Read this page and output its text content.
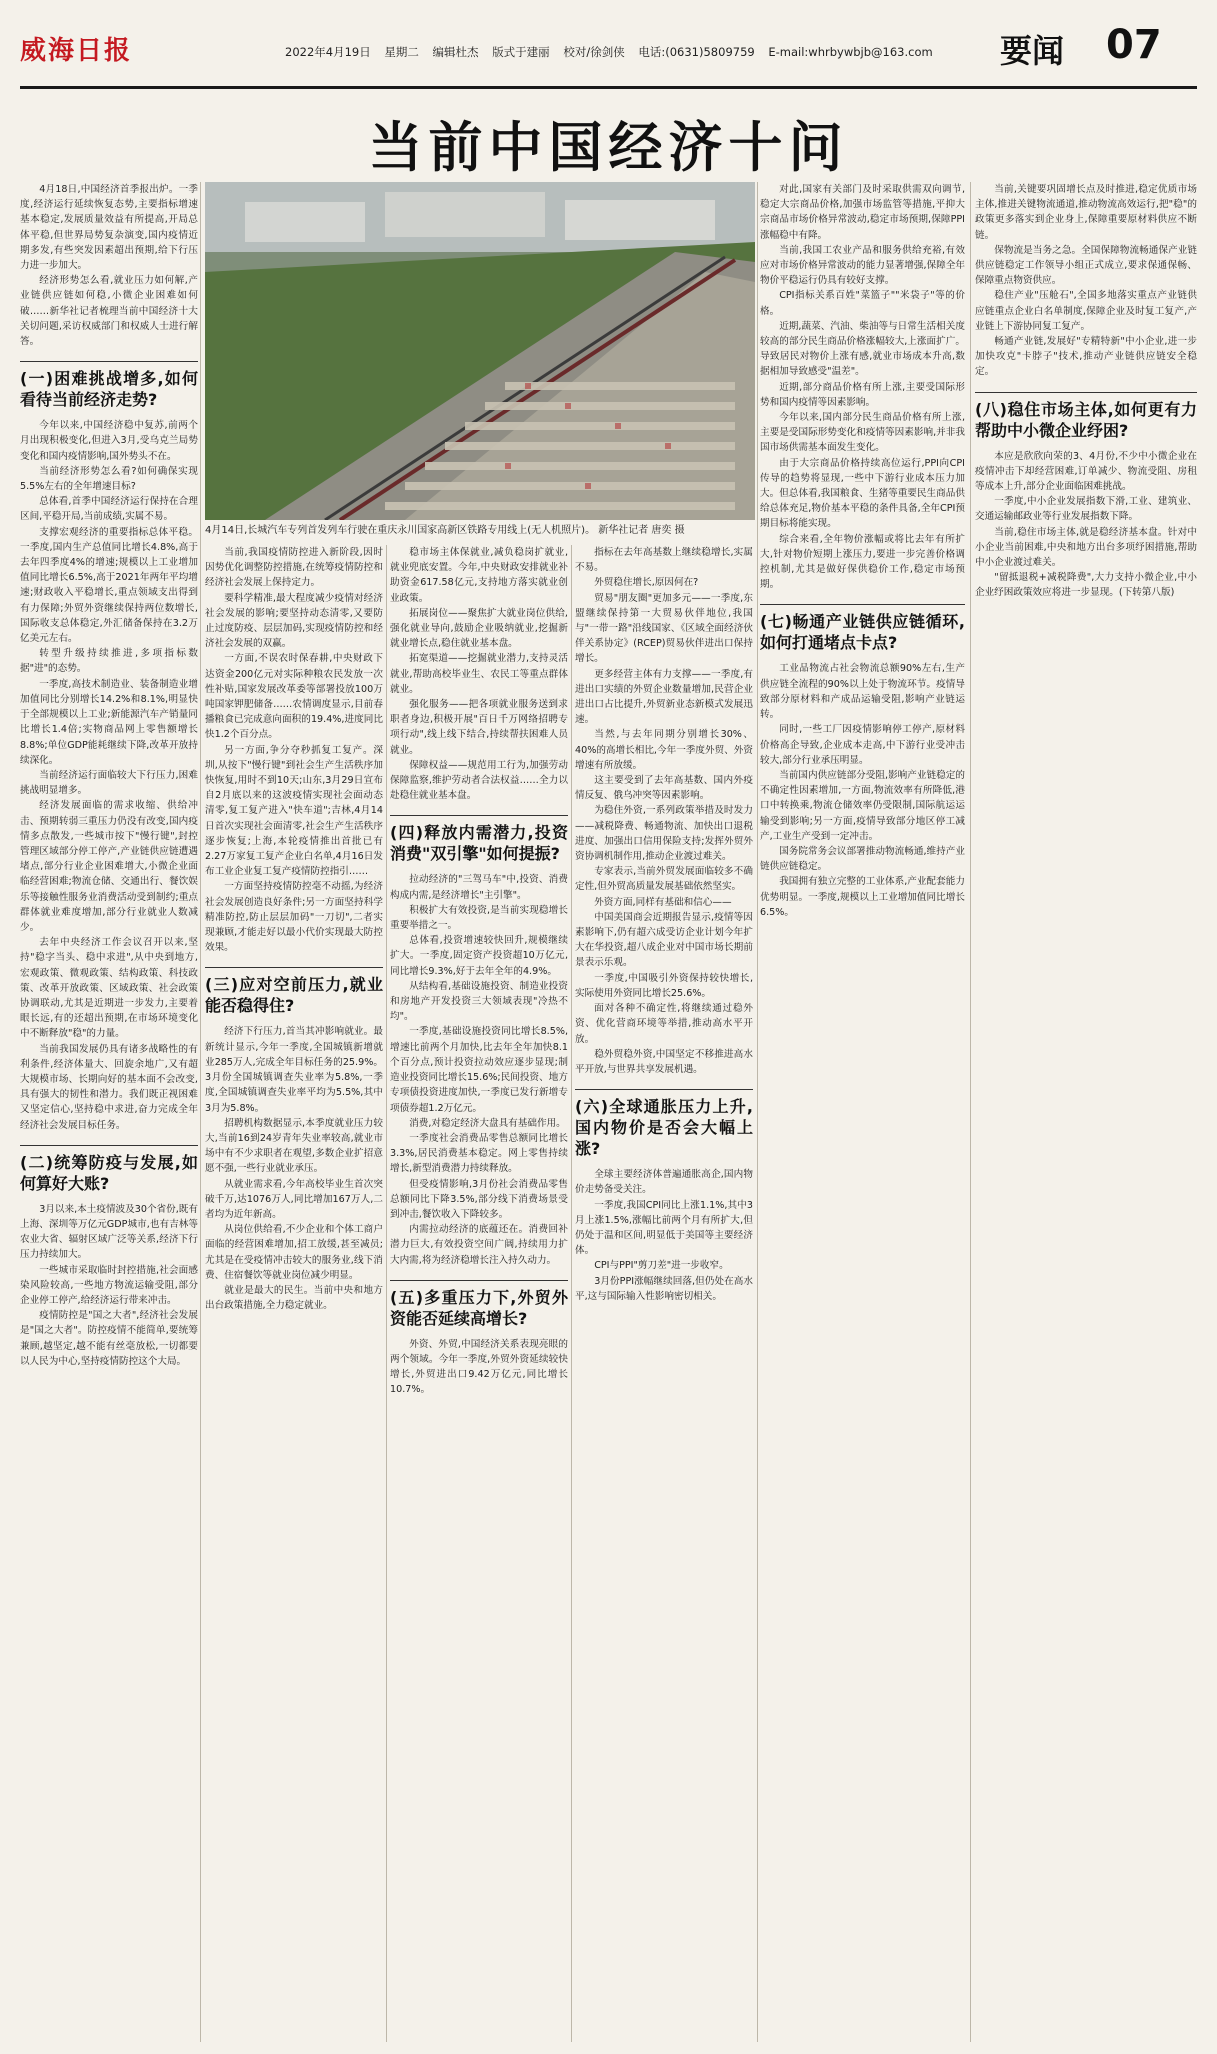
威海日报	2022年4月19日 星期二 编辑杜杰 版式于建丽 校对/徐剑侠 电话:(0631)5809759 E-mail:whrbywbjb@163.com	要闻 07
当前中国经济十问

4月18日,中国经济首季报出炉。一季度,经济运行延续恢复态势,主要指标增速基本稳定,发展质量效益有所提高,开局总体平稳,但世界局势复杂演变,国内疫情近期多发,有些突发因素超出预期,给下行压力进一步加大。

经济形势怎么看,就业压力如何解,产业链供应链如何稳,小微企业困难如何破……新华社记者梳理当前中国经济十大关切问题,采访权威部门和权威人士进行解答。

(一)困难挑战增多,如何看待当前经济走势?

今年以来,中国经济稳中复苏,前两个月出现积极变化,但进入3月,受乌克兰局势变化和国内疫情影响,国外势头不在。

当前经济形势怎么看?如何确保实现5.5%左右的全年增速目标?

总体看,首季中国经济运行保持在合理区间,平稳开局,当前成绩,实属不易。

支撑宏观经济的重要指标总体平稳。一季度,国内生产总值同比增长4.8%,高于去年四季度4%的增速;规模以上工业增加值同比增长6.5%,高于2021年两年平均增速;财政收入平稳增长,重点领域支出得到有力保障;外贸外资继续保持两位数增长,国际收支总体稳定,外汇储备保持在3.2万亿美元左右。

转型升级持续推进,多项指标数据"进"的态势。

一季度,高技术制造业、装备制造业增加值同比分别增长14.2%和8.1%,明显快于全部规模以上工业;新能源汽车产销量同比增长1.4倍;实物商品网上零售额增长8.8%;单位GDP能耗继续下降,改革开放持续深化。

当前经济运行面临较大下行压力,困难挑战明显增多。

经济发展面临的需求收缩、供给冲击、预期转弱三重压力仍没有改变,国内疫情多点散发,一些城市按下"慢行键",封控管理区域部分停工停产,产业链供应链遭遇堵点,部分行业企业困难增大,小微企业面临经营困难;物流仓储、交通出行、餐饮娱乐等接触性服务业消费活动受到制约;重点群体就业难度增加,部分行业就业人数减少。

去年中央经济工作会议召开以来,坚持"稳字当头、稳中求进",从中央到地方,宏观政策、微观政策、结构政策、科技政策、改革开放政策、区域政策、社会政策协调联动,尤其是近期进一步发力,主要着眼长远,有的还超出预期,在市场环境变化中不断释放"稳"的力量。

当前我国发展仍具有诸多战略性的有利条件,经济体量大、回旋余地广,又有超大规模市场、长期向好的基本面不会改变,具有强大的韧性和潜力。我们既正视困难又坚定信心,坚持稳中求进,奋力完成全年经济社会发展目标任务。

(二)统筹防疫与发展,如何算好大账?

3月以来,本土疫情波及30个省份,既有上海、深圳等万亿元GDP城市,也有吉林等农业大省、辐射区域广泛等关系,经济下行压力持续加大。

一些城市采取临时封控措施,社会面感染风险较高,一些地方物流运输受阻,部分企业停工停产,给经济运行带来冲击。

疫情防控是"国之大者",经济社会发展是"国之大者"。防控疫情不能简单,要统筹兼顾,越坚定,越不能有丝毫放松,一切都要以人民为中心,坚持疫情防控这个大局。

4月14日,长城汽车专列首发列车行驶在重庆永川国家高新区铁路专用线上(无人机照片)。 新华社记者 唐奕 摄

当前,我国疫情防控进入新阶段,因时因势优化调整防控措施,在统筹疫情防控和经济社会发展上保持定力。

要科学精准,最大程度减少疫情对经济社会发展的影响;要坚持动态清零,又要防止过度防疫、层层加码,实现疫情防控和经济社会发展的双赢。

一方面,不误农时保春耕,中央财政下达资金200亿元对实际种粮农民发放一次性补贴,国家发展改革委等部署投放100万吨国家钾肥储备……农情调度显示,目前春播粮食已完成意向面积的19.4%,进度同比快1.2个百分点。

另一方面,争分夺秒抓复工复产。深圳,从按下"慢行键"到社会生产生活秩序加快恢复,用时不到10天;山东,3月29日宣布自2月底以来的这波疫情实现社会面动态清零,复工复产进入"快车道";吉林,4月14日首次实现社会面清零,社会生产生活秩序逐步恢复;上海,本轮疫情推出首批已有2.27万家复工复产企业白名单,4月16日发布工业企业复工复产疫情防控指引……

一方面坚持疫情防控毫不动摇,为经济社会发展创造良好条件;另一方面坚持科学精准防控,防止层层加码"一刀切",二者实现兼顾,才能走好以最小代价实现最大防控效果。

(三)应对空前压力,就业能否稳得住?

经济下行压力,首当其冲影响就业。最新统计显示,今年一季度,全国城镇新增就业285万人,完成全年目标任务的25.9%。3月份全国城镇调查失业率为5.8%,一季度,全国城镇调查失业率平均为5.5%,其中3月为5.8%。

招聘机构数据显示,本季度就业压力较大,当前16到24岁青年失业率较高,就业市场中有不少求职者在观望,多数企业扩招意愿不强,一些行业就业承压。

从就业需求看,今年高校毕业生首次突破千万,达1076万人,同比增加167万人,二者均为近年新高。

从岗位供给看,不少企业和个体工商户面临的经营困难增加,招工放缓,甚至减员;尤其是在受疫情冲击较大的服务业,线下消费、住宿餐饮等就业岗位减少明显。

就业是最大的民生。当前中央和地方出台政策措施,全力稳定就业。

稳市场主体保就业,减负稳岗扩就业,就业兜底安置。今年,中央财政安排就业补助资金617.58亿元,支持地方落实就业创业政策。

拓展岗位——聚焦扩大就业岗位供给,强化就业导向,鼓励企业吸纳就业,挖掘新就业增长点,稳住就业基本盘。

拓宽渠道——挖掘就业潜力,支持灵活就业,帮助高校毕业生、农民工等重点群体就业。

强化服务——把各项就业服务送到求职者身边,积极开展"百日千万网络招聘专项行动",线上线下结合,持续帮扶困难人员就业。

保障权益——规范用工行为,加强劳动保障监察,维护劳动者合法权益……全力以赴稳住就业基本盘。

(四)释放内需潜力,投资消费"双引擎"如何提振?

拉动经济的"三驾马车"中,投资、消费构成内需,是经济增长"主引擎"。

积极扩大有效投资,是当前实现稳增长重要举措之一。

总体看,投资增速较快回升,规模继续扩大。一季度,固定资产投资超10万亿元,同比增长9.3%,好于去年全年的4.9%。

从结构看,基础设施投资、制造业投资和房地产开发投资三大领域表现"冷热不均"。

一季度,基础设施投资同比增长8.5%,增速比前两个月加快,比去年全年加快8.1个百分点,预计投资拉动效应逐步显现;制造业投资同比增长15.6%;民间投资、地方专项债投资进度加快,一季度已发行新增专项债券超1.2万亿元。

消费,对稳定经济大盘具有基础作用。

一季度社会消费品零售总额同比增长3.3%,居民消费基本稳定。网上零售持续增长,新型消费潜力持续释放。

但受疫情影响,3月份社会消费品零售总额同比下降3.5%,部分线下消费场景受到冲击,餐饮收入下降较多。

内需拉动经济的底蕴还在。消费回补潜力巨大,有效投资空间广阔,持续用力扩大内需,将为经济稳增长注入持久动力。

(五)多重压力下,外贸外资能否延续高增长?

外资、外贸,中国经济关系表现亮眼的两个领域。今年一季度,外贸外资延续较快增长,外贸进出口9.42万亿元,同比增长10.7%。

指标在去年高基数上继续稳增长,实属不易。

外贸稳住增长,原因何在?

贸易"朋友圈"更加多元——一季度,东盟继续保持第一大贸易伙伴地位,我国与"一带一路"沿线国家、《区域全面经济伙伴关系协定》(RCEP)贸易伙伴进出口保持增长。

更多经营主体有力支撑——一季度,有进出口实绩的外贸企业数量增加,民营企业进出口占比提升,外贸新业态新模式发展迅速。

当然,与去年同期分别增长30%、40%的高增长相比,今年一季度外贸、外资增速有所放缓。

这主要受到了去年高基数、国内外疫情反复、俄乌冲突等因素影响。

为稳住外资,一系列政策举措及时发力——减税降费、畅通物流、加快出口退税进度、加强出口信用保险支持;发挥外贸外资协调机制作用,推动企业渡过难关。

专家表示,当前外贸发展面临较多不确定性,但外贸高质量发展基础依然坚实。

外资方面,同样有基础和信心——

中国美国商会近期报告显示,疫情等因素影响下,仍有超六成受访企业计划今年扩大在华投资,超八成企业对中国市场长期前景表示乐观。

一季度,中国吸引外资保持较快增长,实际使用外资同比增长25.6%。

面对各种不确定性,将继续通过稳外资、优化营商环境等举措,推动高水平开放。

稳外贸稳外资,中国坚定不移推进高水平开放,与世界共享发展机遇。

(六)全球通胀压力上升,国内物价是否会大幅上涨?

全球主要经济体普遍通胀高企,国内物价走势备受关注。

一季度,我国CPI同比上涨1.1%,其中3月上涨1.5%,涨幅比前两个月有所扩大,但仍处于温和区间,明显低于美国等主要经济体。

CPI与PPI"剪刀差"进一步收窄。

3月份PPI涨幅继续回落,但仍处在高水平,这与国际输入性影响密切相关。

对此,国家有关部门及时采取供需双向调节,稳定大宗商品价格,加强市场监管等措施,平抑大宗商品市场价格异常波动,稳定市场预期,保障PPI涨幅稳中有降。

当前,我国工农业产品和服务供给充裕,有效应对市场价格异常波动的能力显著增强,保障全年物价平稳运行仍具有较好支撑。

CPI指标关系百姓"菜篮子""米袋子"等的价格。

近期,蔬菜、汽油、柴油等与日常生活相关度较高的部分民生商品价格涨幅较大,上涨面扩广。导致居民对物价上涨有感,就业市场成本升高,数据相加导致感受"温差"。

近期,部分商品价格有所上涨,主要受国际形势和国内疫情等因素影响。

今年以来,国内部分民生商品价格有所上涨,主要是受国际形势变化和疫情等因素影响,并非我国市场供需基本面发生变化。

由于大宗商品价格持续高位运行,PPI向CPI传导的趋势将显现,一些中下游行业成本压力加大。但总体看,我国粮食、生猪等重要民生商品供给总体充足,物价基本平稳的条件具备,全年CPI预期目标将能实现。

综合来看,全年物价涨幅或将比去年有所扩大,针对物价短期上涨压力,要进一步完善价格调控机制,尤其是做好保供稳价工作,稳定市场预期。

(七)畅通产业链供应链循环,如何打通堵点卡点?

工业品物流占社会物流总额90%左右,生产供应链全流程的90%以上处于物流环节。疫情导致部分原材料和产成品运输受阻,影响产业链运转。

同时,一些工厂因疫情影响停工停产,原材料价格高企导致,企业成本走高,中下游行业受冲击较大,部分行业承压明显。

当前国内供应链部分受阻,影响产业链稳定的不确定性因素增加,一方面,物流效率有所降低,港口中转换乘,物流仓储效率仍受限制,国际航运运输受到影响;另一方面,疫情导致部分地区停工减产,工业生产受到一定冲击。

国务院常务会议部署推动物流畅通,维持产业链供应链稳定。

我国拥有独立完整的工业体系,产业配套能力优势明显。一季度,规模以上工业增加值同比增长6.5%。

当前,关键要巩固增长点及时推进,稳定优质市场主体,推进关键物流通道,推动物流高效运行,把"稳"的政策更多落实到企业身上,保障重要原材料供应不断链。

保物流是当务之急。全国保障物流畅通保产业链供应链稳定工作领导小组正式成立,要求保通保畅、保障重点物资供应。

稳住产业"压舱石",全国多地落实重点产业链供应链重点企业白名单制度,保障企业及时复工复产,产业链上下游协同复工复产。

畅通产业链,发展好"专精特新"中小企业,进一步加快攻克"卡脖子"技术,推动产业链供应链安全稳定。

(八)稳住市场主体,如何更有力帮助中小微企业纾困?

本应是欣欣向荣的3、4月份,不少中小微企业在疫情冲击下却经营困难,订单减少、物流受阻、房租等成本上升,部分企业面临困难挑战。

一季度,中小企业发展指数下滑,工业、建筑业、交通运输邮政业等行业发展指数下降。

当前,稳住市场主体,就是稳经济基本盘。针对中小企业当前困难,中央和地方出台多项纾困措施,帮助中小企业渡过难关。

"留抵退税+减税降费",大力支持小微企业,中小企业纾困政策效应将进一步显现。(下转第八版)
